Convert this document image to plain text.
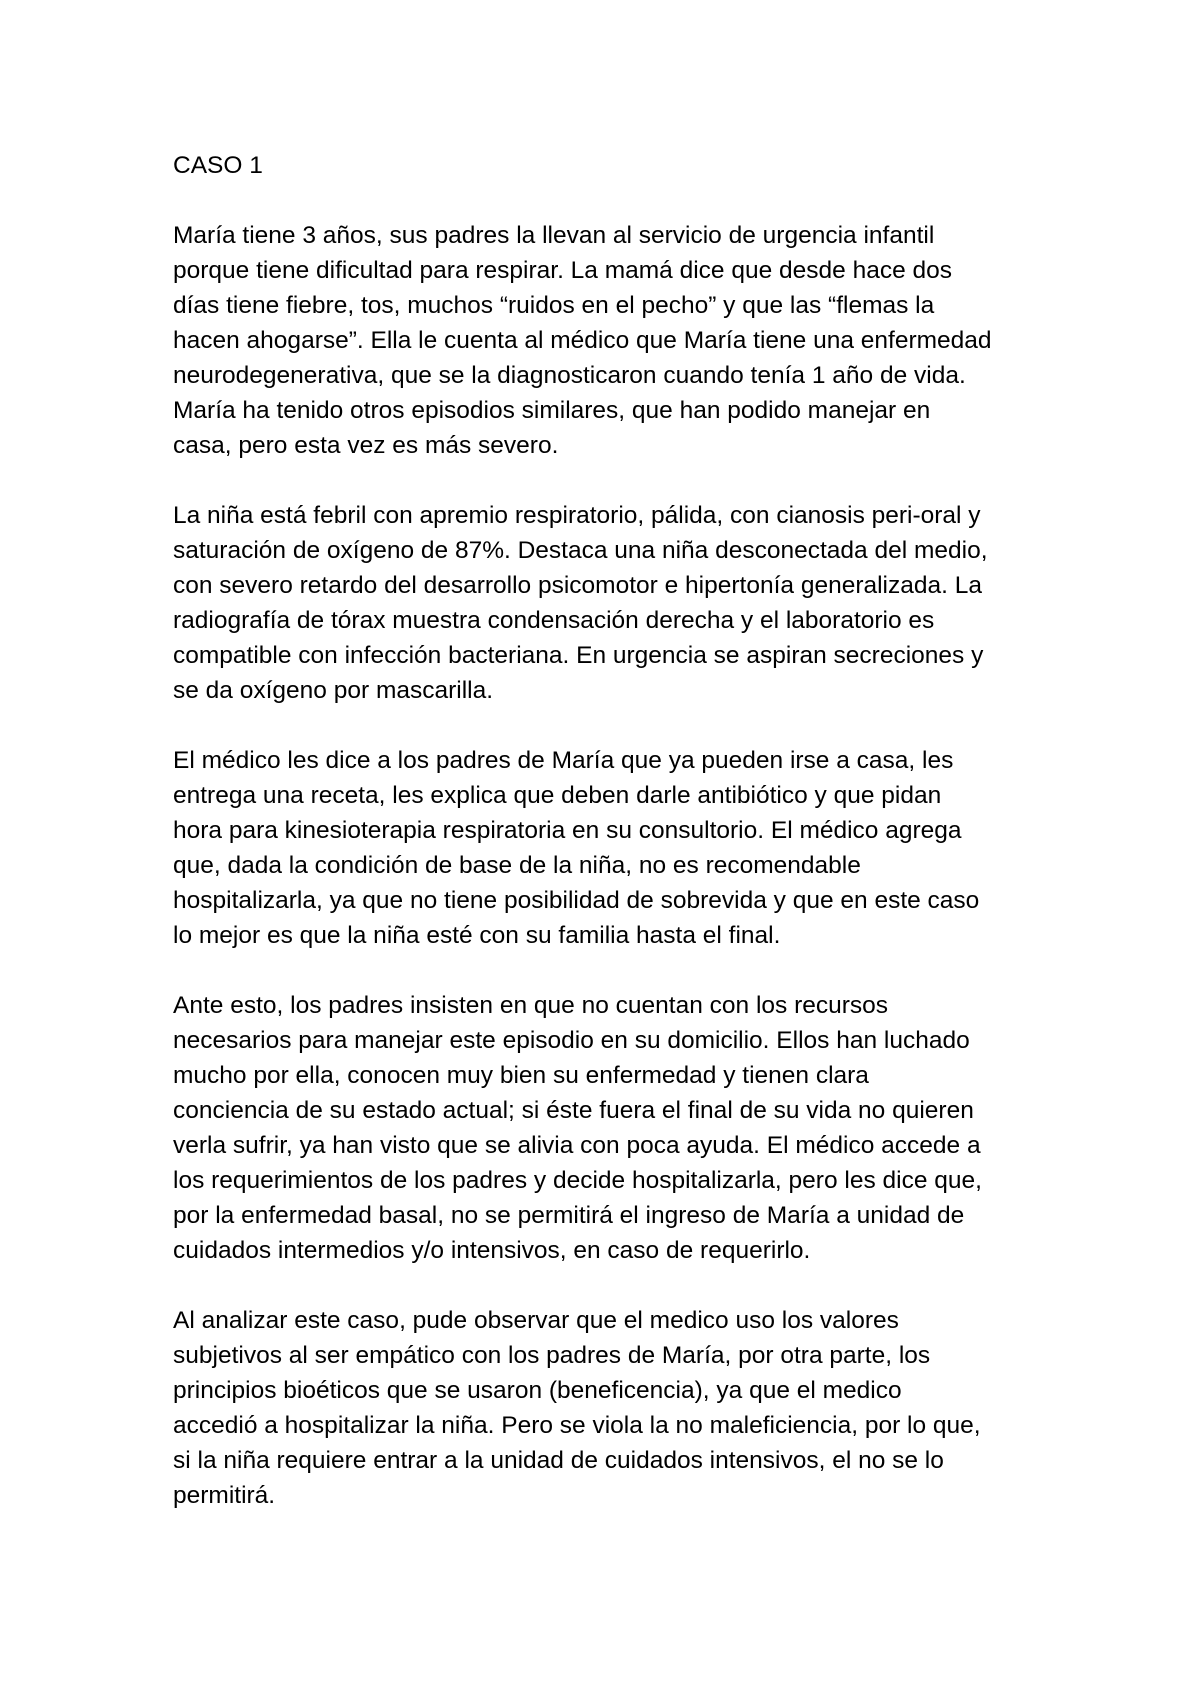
CASO 1
María tiene 3 años, sus padres la llevan al servicio de urgencia infantil
porque tiene dificultad para respirar. La mamá dice que desde hace dos
días tiene fiebre, tos, muchos “ruidos en el pecho” y que las “flemas la
hacen ahogarse”. Ella le cuenta al médico que María tiene una enfermedad
neurodegenerativa, que se la diagnosticaron cuando tenía 1 año de vida.
María ha tenido otros episodios similares, que han podido manejar en
casa, pero esta vez es más severo.
La niña está febril con apremio respiratorio, pálida, con cianosis peri-oral y
saturación de oxígeno de 87%. Destaca una niña desconectada del medio,
con severo retardo del desarrollo psicomotor e hipertonía generalizada. La
radiografía de tórax muestra condensación derecha y el laboratorio es
compatible con infección bacteriana. En urgencia se aspiran secreciones y
se da oxígeno por mascarilla.
El médico les dice a los padres de María que ya pueden irse a casa, les
entrega una receta, les explica que deben darle antibiótico y que pidan
hora para kinesioterapia respiratoria en su consultorio. El médico agrega
que, dada la condición de base de la niña, no es recomendable
hospitalizarla, ya que no tiene posibilidad de sobrevida y que en este caso
lo mejor es que la niña esté con su familia hasta el final.
Ante esto, los padres insisten en que no cuentan con los recursos
necesarios para manejar este episodio en su domicilio. Ellos han luchado
mucho por ella, conocen muy bien su enfermedad y tienen clara
conciencia de su estado actual; si éste fuera el final de su vida no quieren
verla sufrir, ya han visto que se alivia con poca ayuda. El médico accede a
los requerimientos de los padres y decide hospitalizarla, pero les dice que,
por la enfermedad basal, no se permitirá el ingreso de María a unidad de
cuidados intermedios y/o intensivos, en caso de requerirlo.
Al analizar este caso, pude observar que el medico uso los valores
subjetivos al ser empático con los padres de María, por otra parte, los
principios bioéticos que se usaron (beneficencia), ya que el medico
accedió a hospitalizar la niña. Pero se viola la no maleficiencia, por lo que,
si la niña requiere entrar a la unidad de cuidados intensivos, el no se lo
permitirá.
